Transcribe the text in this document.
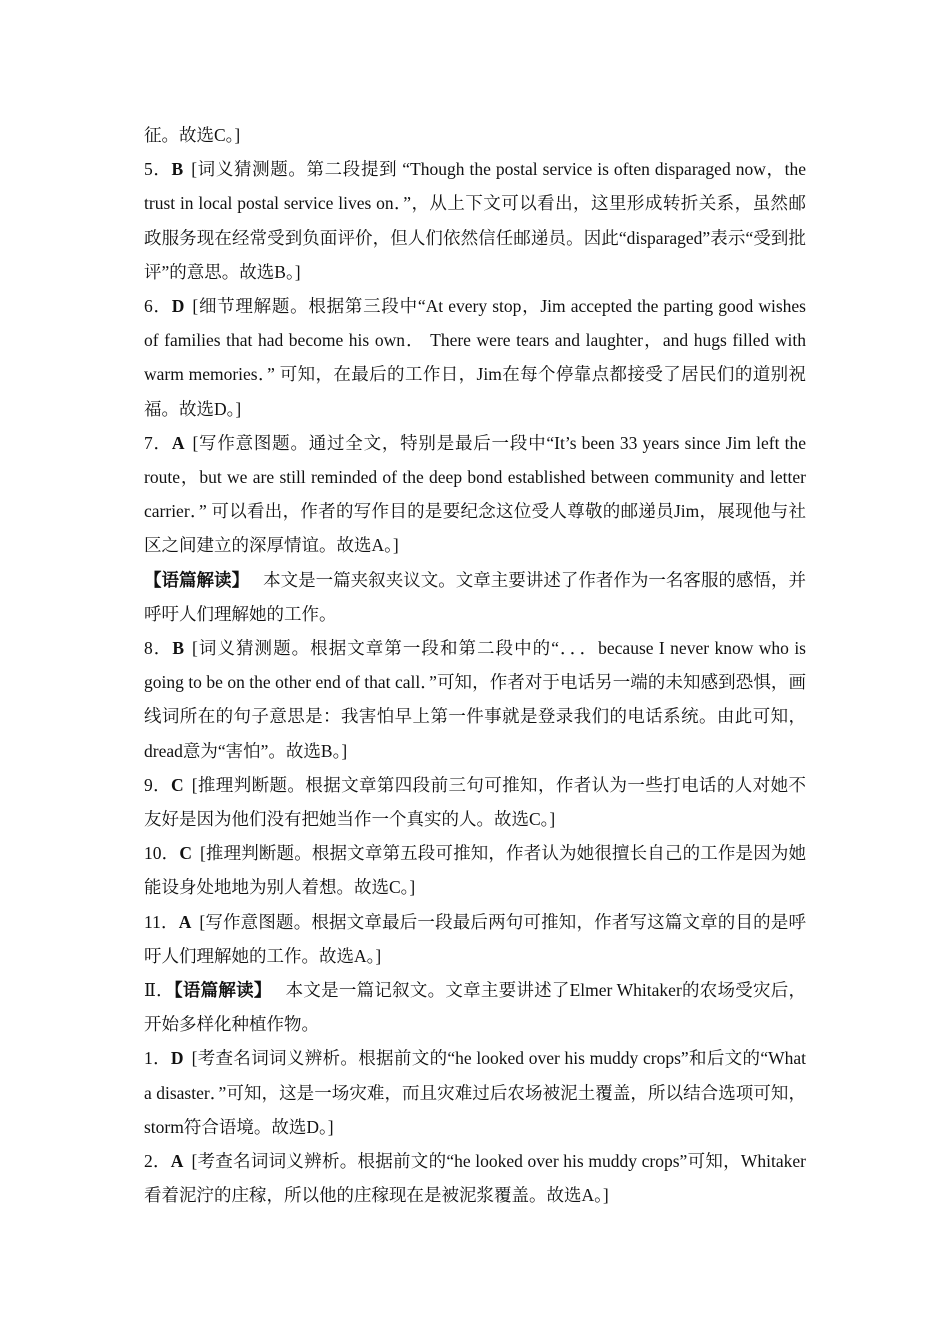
征。故选C。]

5．B [词义猜测题。第二段提到 “Though the postal service is often disparaged now，the trust in local postal service lives on．”，从上下文可以看出，这里形成转折关系，虽然邮政服务现在经常受到负面评价，但人们依然信任邮递员。因此“disparaged”表示“受到批评”的意思。故选B。]

6．D [细节理解题。根据第三段中“At every stop，Jim accepted the parting good wishes of families that had become his own． There were tears and laughter，and hugs filled with warm memories．” 可知，在最后的工作日，Jim在每个停靠点都接受了居民们的道别祝福。故选D。]

7．A [写作意图题。通过全文，特别是最后一段中“It’s been 33 years since Jim left the route，but we are still reminded of the deep bond established between community and letter carrier．” 可以看出，作者的写作目的是要纪念这位受人尊敬的邮递员Jim，展现他与社区之间建立的深厚情谊。故选A。]

【语篇解读】 本文是一篇夹叙夹议文。文章主要讲述了作者作为一名客服的感悟，并呼吁人们理解她的工作。

8．B [词义猜测题。根据文章第一段和第二段中的“．．．because I never know who is going to be on the other end of that call．”可知，作者对于电话另一端的未知感到恐惧，画线词所在的句子意思是：我害怕早上第一件事就是登录我们的电话系统。由此可知，dread意为“害怕”。故选B。]

9．C [推理判断题。根据文章第四段前三句可推知，作者认为一些打电话的人对她不友好是因为他们没有把她当作一个真实的人。故选C。]

10．C [推理判断题。根据文章第五段可推知，作者认为她很擅长自己的工作是因为她能设身处地地为别人着想。故选C。]

11．A [写作意图题。根据文章最后一段最后两句可推知，作者写这篇文章的目的是呼吁人们理解她的工作。故选A。]

Ⅱ．【语篇解读】 本文是一篇记叙文。文章主要讲述了Elmer Whitaker的农场受灾后，开始多样化种植作物。

1．D [考查名词词义辨析。根据前文的“he looked over his muddy crops”和后文的“What a disaster．”可知，这是一场灾难，而且灾难过后农场被泥土覆盖，所以结合选项可知，storm符合语境。故选D。]

2．A [考查名词词义辨析。根据前文的“he looked over his muddy crops”可知，Whitaker看着泥泞的庄稼，所以他的庄稼现在是被泥浆覆盖。故选A。]
